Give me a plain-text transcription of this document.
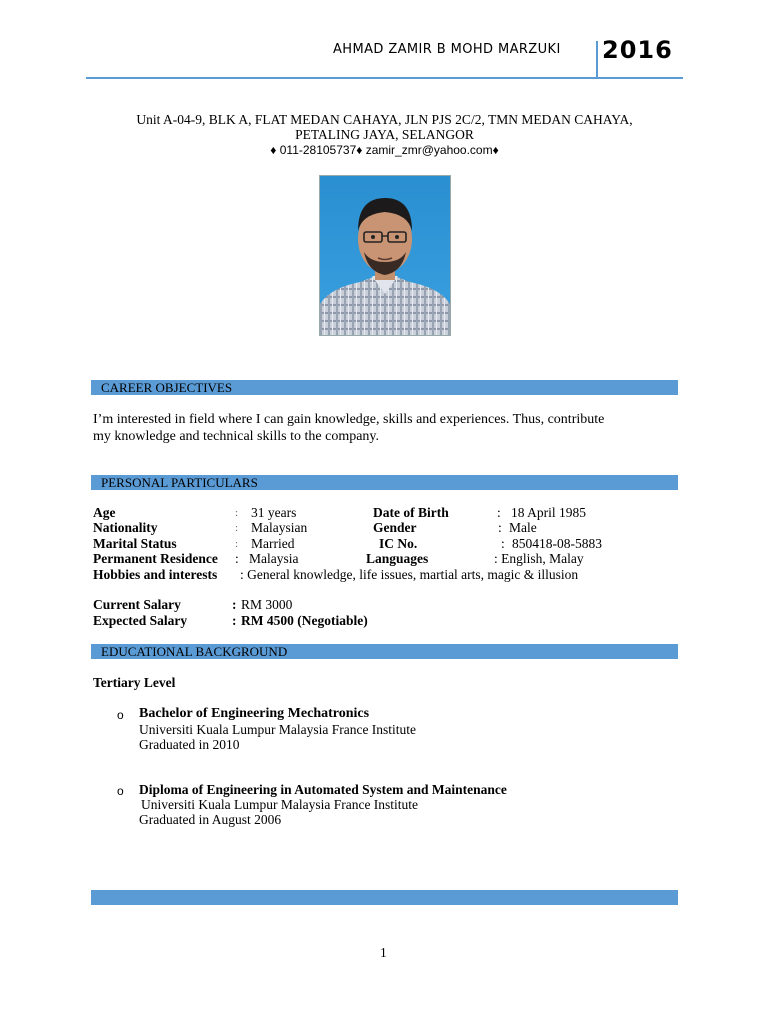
AHMAD ZAMIR B MOHD MARZUKI 2016
Unit A-04-9, BLK A, FLAT MEDAN CAHAYA, JLN PJS 2C/2, TMN MEDAN CAHAYA,
PETALING JAYA, SELANGOR
♦ 011-28105737♦ zamir_zmr@yahoo.com♦
CAREER OBJECTIVES
I’m interested in field where I can gain knowledge, skills and experiences. Thus, contribute
my knowledge and technical skills to the company.
PERSONAL PARTICULARS
Age	: 31 years	Date of Birth	: 18 April 1985
Nationality	: Malaysian	Gender	: Male
Marital Status	: Married	IC No.	: 850418-08-5883
Permanent Residence : Malaysia	Languages	: English, Malay
Hobbies and interests : General knowledge, life issues, martial arts, magic & illusion
Current Salary	: RM 3000
Expected Salary	: RM 4500 (Negotiable)
EDUCATIONAL BACKGROUND
Tertiary Level
o Bachelor of Engineering Mechatronics
Universiti Kuala Lumpur Malaysia France Institute
Graduated in 2010
o Diploma of Engineering in Automated System and Maintenance
Universiti Kuala Lumpur Malaysia France Institute
Graduated in August 2006
1
